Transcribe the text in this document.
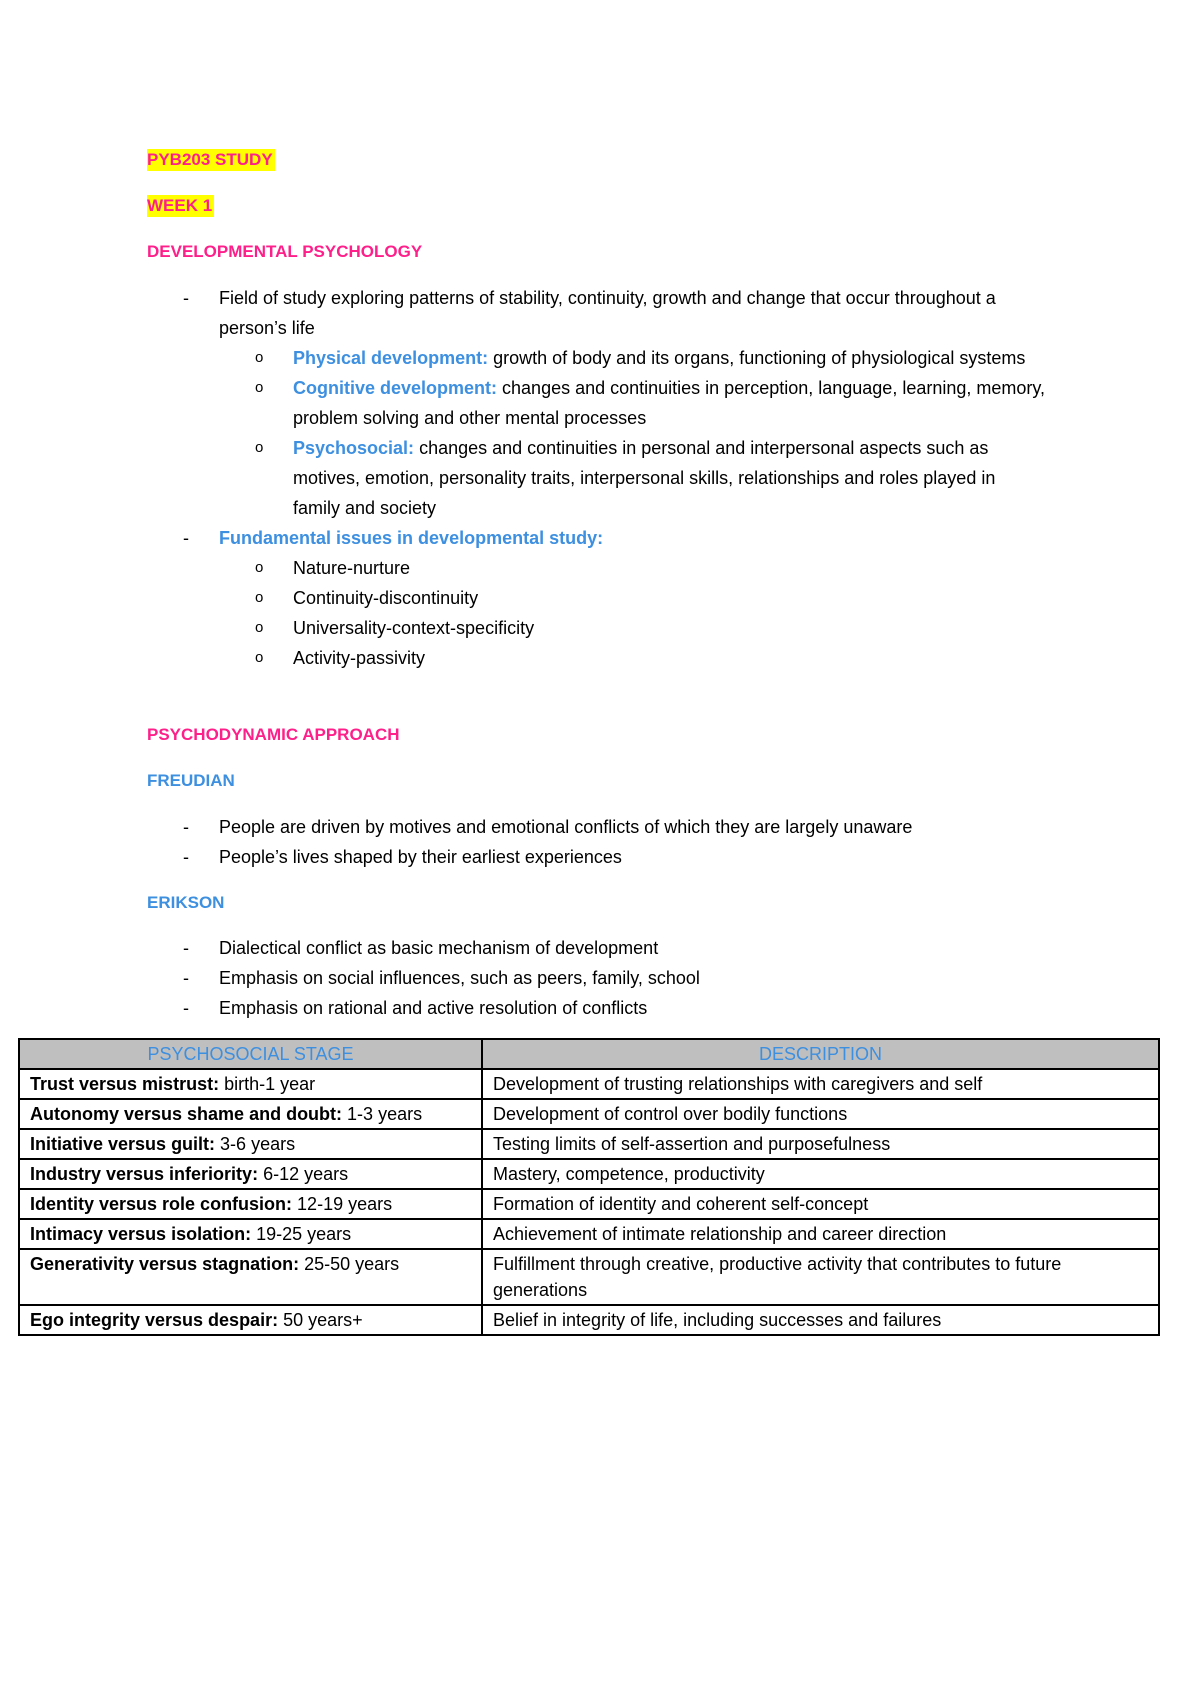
PYB203 STUDY

WEEK 1

DEVELOPMENTAL PSYCHOLOGY

- Field of study exploring patterns of stability, continuity, growth and change that occur throughout a person’s life
o Physical development: growth of body and its organs, functioning of physiological systems
o Cognitive development: changes and continuities in perception, language, learning, memory, problem solving and other mental processes
o Psychosocial: changes and continuities in personal and interpersonal aspects such as motives, emotion, personality traits, interpersonal skills, relationships and roles played in family and society
- Fundamental issues in developmental study:
o Nature-nurture
o Continuity-discontinuity
o Universality-context-specificity
o Activity-passivity

PSYCHODYNAMIC APPROACH

FREUDIAN

- People are driven by motives and emotional conflicts of which they are largely unaware
- People’s lives shaped by their earliest experiences

ERIKSON

- Dialectical conflict as basic mechanism of development
- Emphasis on social influences, such as peers, family, school
- Emphasis on rational and active resolution of conflicts
PSYCHOSOCIAL STAGE	DESCRIPTION
Trust versus mistrust: birth-1 year	Development of trusting relationships with caregivers and self
Autonomy versus shame and doubt: 1-3 years	Development of control over bodily functions
Initiative versus guilt: 3-6 years	Testing limits of self-assertion and purposefulness
Industry versus inferiority: 6-12 years	Mastery, competence, productivity
Identity versus role confusion: 12-19 years	Formation of identity and coherent self-concept
Intimacy versus isolation: 19-25 years	Achievement of intimate relationship and career direction
Generativity versus stagnation: 25-50 years	Fulfillment through creative, productive activity that contributes to future generations
Ego integrity versus despair: 50 years+	Belief in integrity of life, including successes and failures
